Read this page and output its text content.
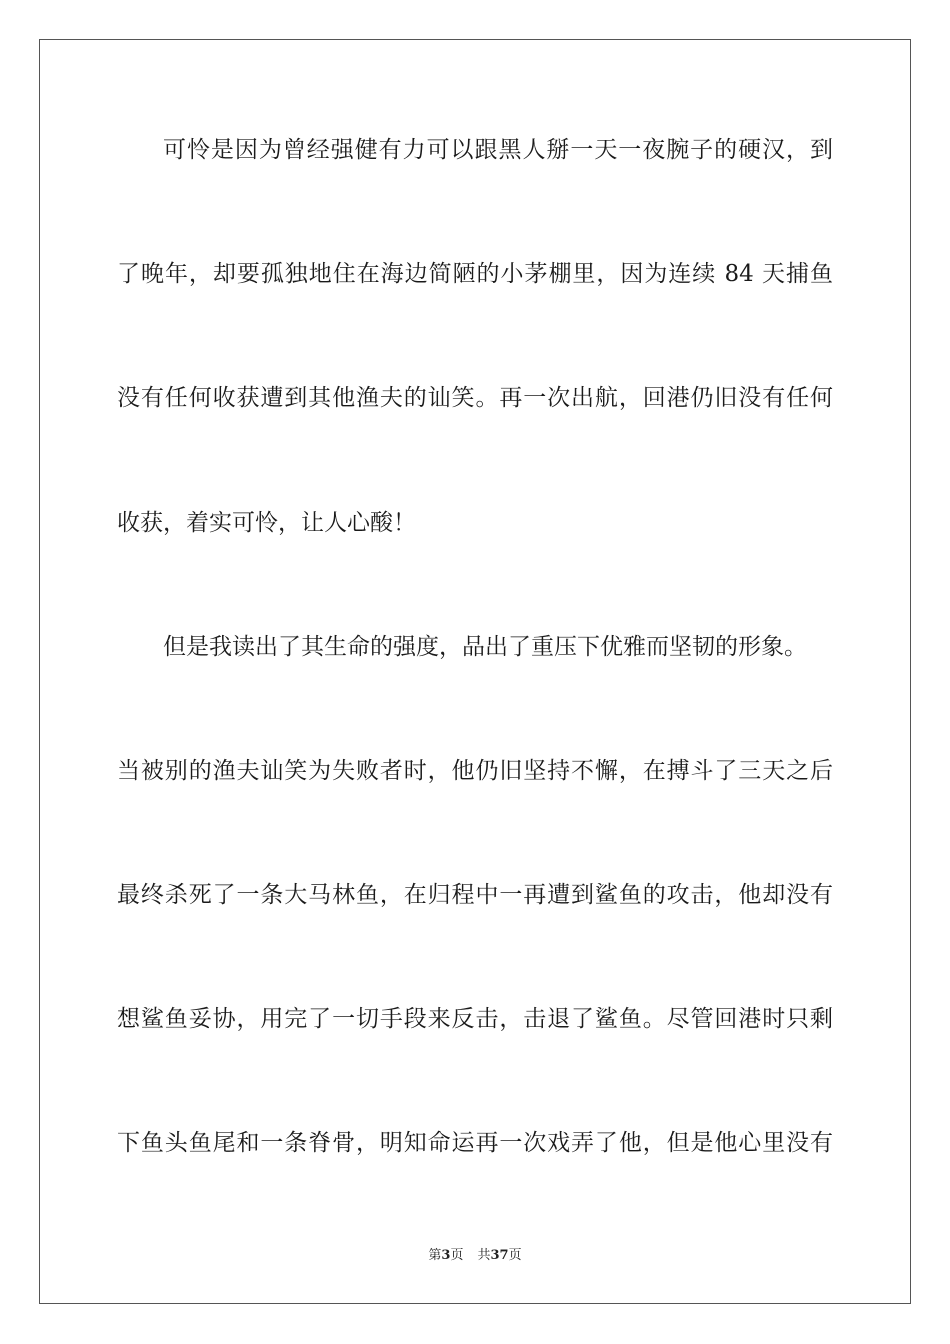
可怜是因为曾经强健有力可以跟黑人掰一天一夜腕子的硬汉，到
了晚年，却要孤独地住在海边简陋的小茅棚里，因为连续 84 天捕鱼
没有任何收获遭到其他渔夫的讪笑。再一次出航，回港仍旧没有任何
收获，着实可怜，让人心酸！
但是我读出了其生命的强度，品出了重压下优雅而坚韧的形象。
当被别的渔夫讪笑为失败者时，他仍旧坚持不懈，在搏斗了三天之后
最终杀死了一条大马林鱼，在归程中一再遭到鲨鱼的攻击，他却没有
想鲨鱼妥协，用完了一切手段来反击，击退了鲨鱼。尽管回港时只剩
下鱼头鱼尾和一条脊骨，明知命运再一次戏弄了他，但是他心里没有
第3页 共37页
